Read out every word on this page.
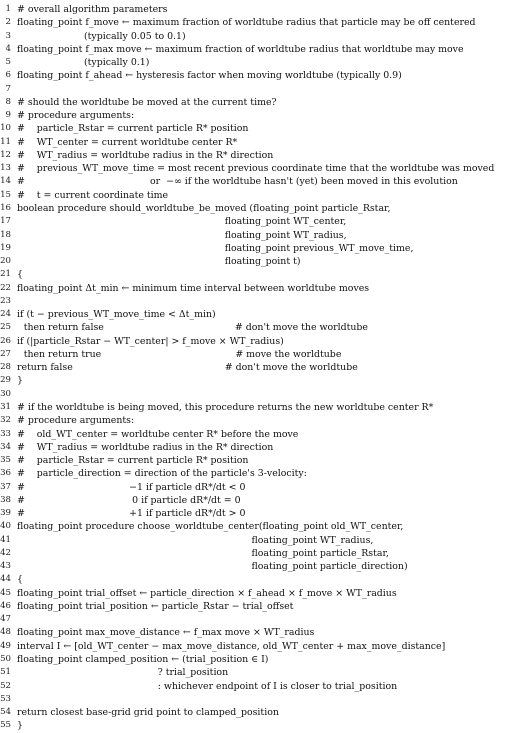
1 # overall algorithm parameters
2 floating_point f_move ← maximum fraction of worldtube radius that particle may be off centered
3	(typically 0.05 to 0.1)
4 floating_point f_max move ← maximum fraction of worldtube radius that worldtube may move
5	(typically 0.1)
6 floating_point f_ahead ← hysteresis factor when moving worldtube (typically 0.9)
7
8 # should the worldtube be moved at the current time?
9 # procedure arguments:
10 #    particle_Rstar = current particle R* position
11 #    WT_center = current worldtube center R*
12 #    WT_radius = worldtube radius in the R* direction
13 #    previous_WT_move_time = most recent previous coordinate time that the worldtube was moved
14 #                                          or  −∞ if the worldtube hasn't (yet) been moved in this evolution
15 #    t = current coordinate time
16 boolean procedure should_worldtube_be_moved (floating_point particle_Rstar,
17	floating_point WT_center,
18	floating_point WT_radius,
19	floating_point previous_WT_move_time,
20	floating_point t)
21 {
22 floating_point Δt_min ← minimum time interval between worldtube moves
23
24 if (t − previous_WT_move_time < Δt_min)
25 then return false                                            # don't move the worldtube
26 if (|particle_Rstar − WT_center| > f_move × WT_radius)
27 then return true                                             # move the worldtube
28 return false                                                   # don't move the worldtube
29 }
30
31 # if the worldtube is being moved, this procedure returns the new worldtube center R*
32 # procedure arguments:
33 #    old_WT_center = worldtube center R* before the move
34 #    WT_radius = worldtube radius in the R* direction
35 #    particle_Rstar = current particle R* position
36 #    particle_direction = direction of the particle's 3-velocity:
37 #                                   −1 if particle dR*/dt < 0
38 #                                    0 if particle dR*/dt = 0
39 #                                   +1 if particle dR*/dt > 0
40 floating_point procedure choose_worldtube_center(floating_point old_WT_center,
41	floating_point WT_radius,
42	floating_point particle_Rstar,
43	floating_point particle_direction)
44 {
45 floating_point trial_offset ← particle_direction × f_ahead × f_move × WT_radius
46 floating_point trial_position ← particle_Rstar − trial_offset
47
48 floating_point max_move_distance ← f_max move × WT_radius
49 interval I ← [old_WT_center − max_move_distance, old_WT_center + max_move_distance]
50 floating_point clamped_position ← (trial_position ∈ I)
51	? trial_position
52	: whichever endpoint of I is closer to trial_position
53
54 return closest base-grid grid point to clamped_position
55 }
